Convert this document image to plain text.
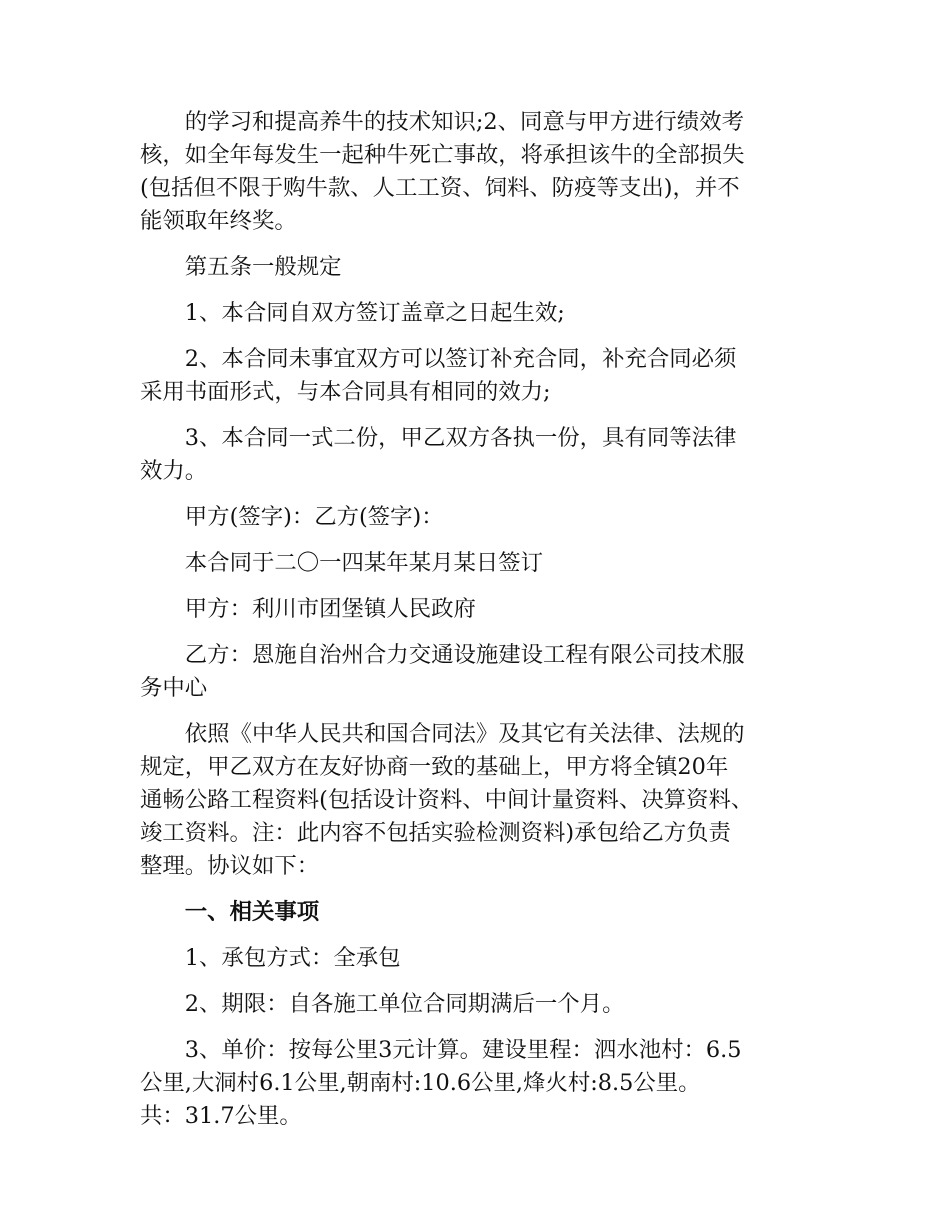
的学习和提高养牛的技术知识;2、同意与甲方进行绩效考
核，如全年每发生一起种牛死亡事故，将承担该牛的全部损失
(包括但不限于购牛款、人工工资、饲料、防疫等支出)，并不
能领取年终奖。

第五条一般规定

1、本合同自双方签订盖章之日起生效;

2、本合同未事宜双方可以签订补充合同，补充合同必须
采用书面形式，与本合同具有相同的效力;

3、本合同一式二份，甲乙双方各执一份，具有同等法律
效力。

甲方(签字)：乙方(签字)：

本合同于二〇一四某年某月某日签订

甲方：利川市团堡镇人民政府

乙方：恩施自治州合力交通设施建设工程有限公司技术服
务中心

依照《中华人民共和国合同法》及其它有关法律、法规的
规定，甲乙双方在友好协商一致的基础上，甲方将全镇20年
通畅公路工程资料(包括设计资料、中间计量资料、决算资料、
竣工资料。注：此内容不包括实验检测资料)承包给乙方负责
整理。协议如下：

一、相关事项

1、承包方式：全承包

2、期限：自各施工单位合同期满后一个月。

3、单价：按每公里3元计算。建设里程：泗水池村：6.5
公里,大洞村6.1公里,朝南村:10.6公里,烽火村:8.5公里。
共：31.7公里。
